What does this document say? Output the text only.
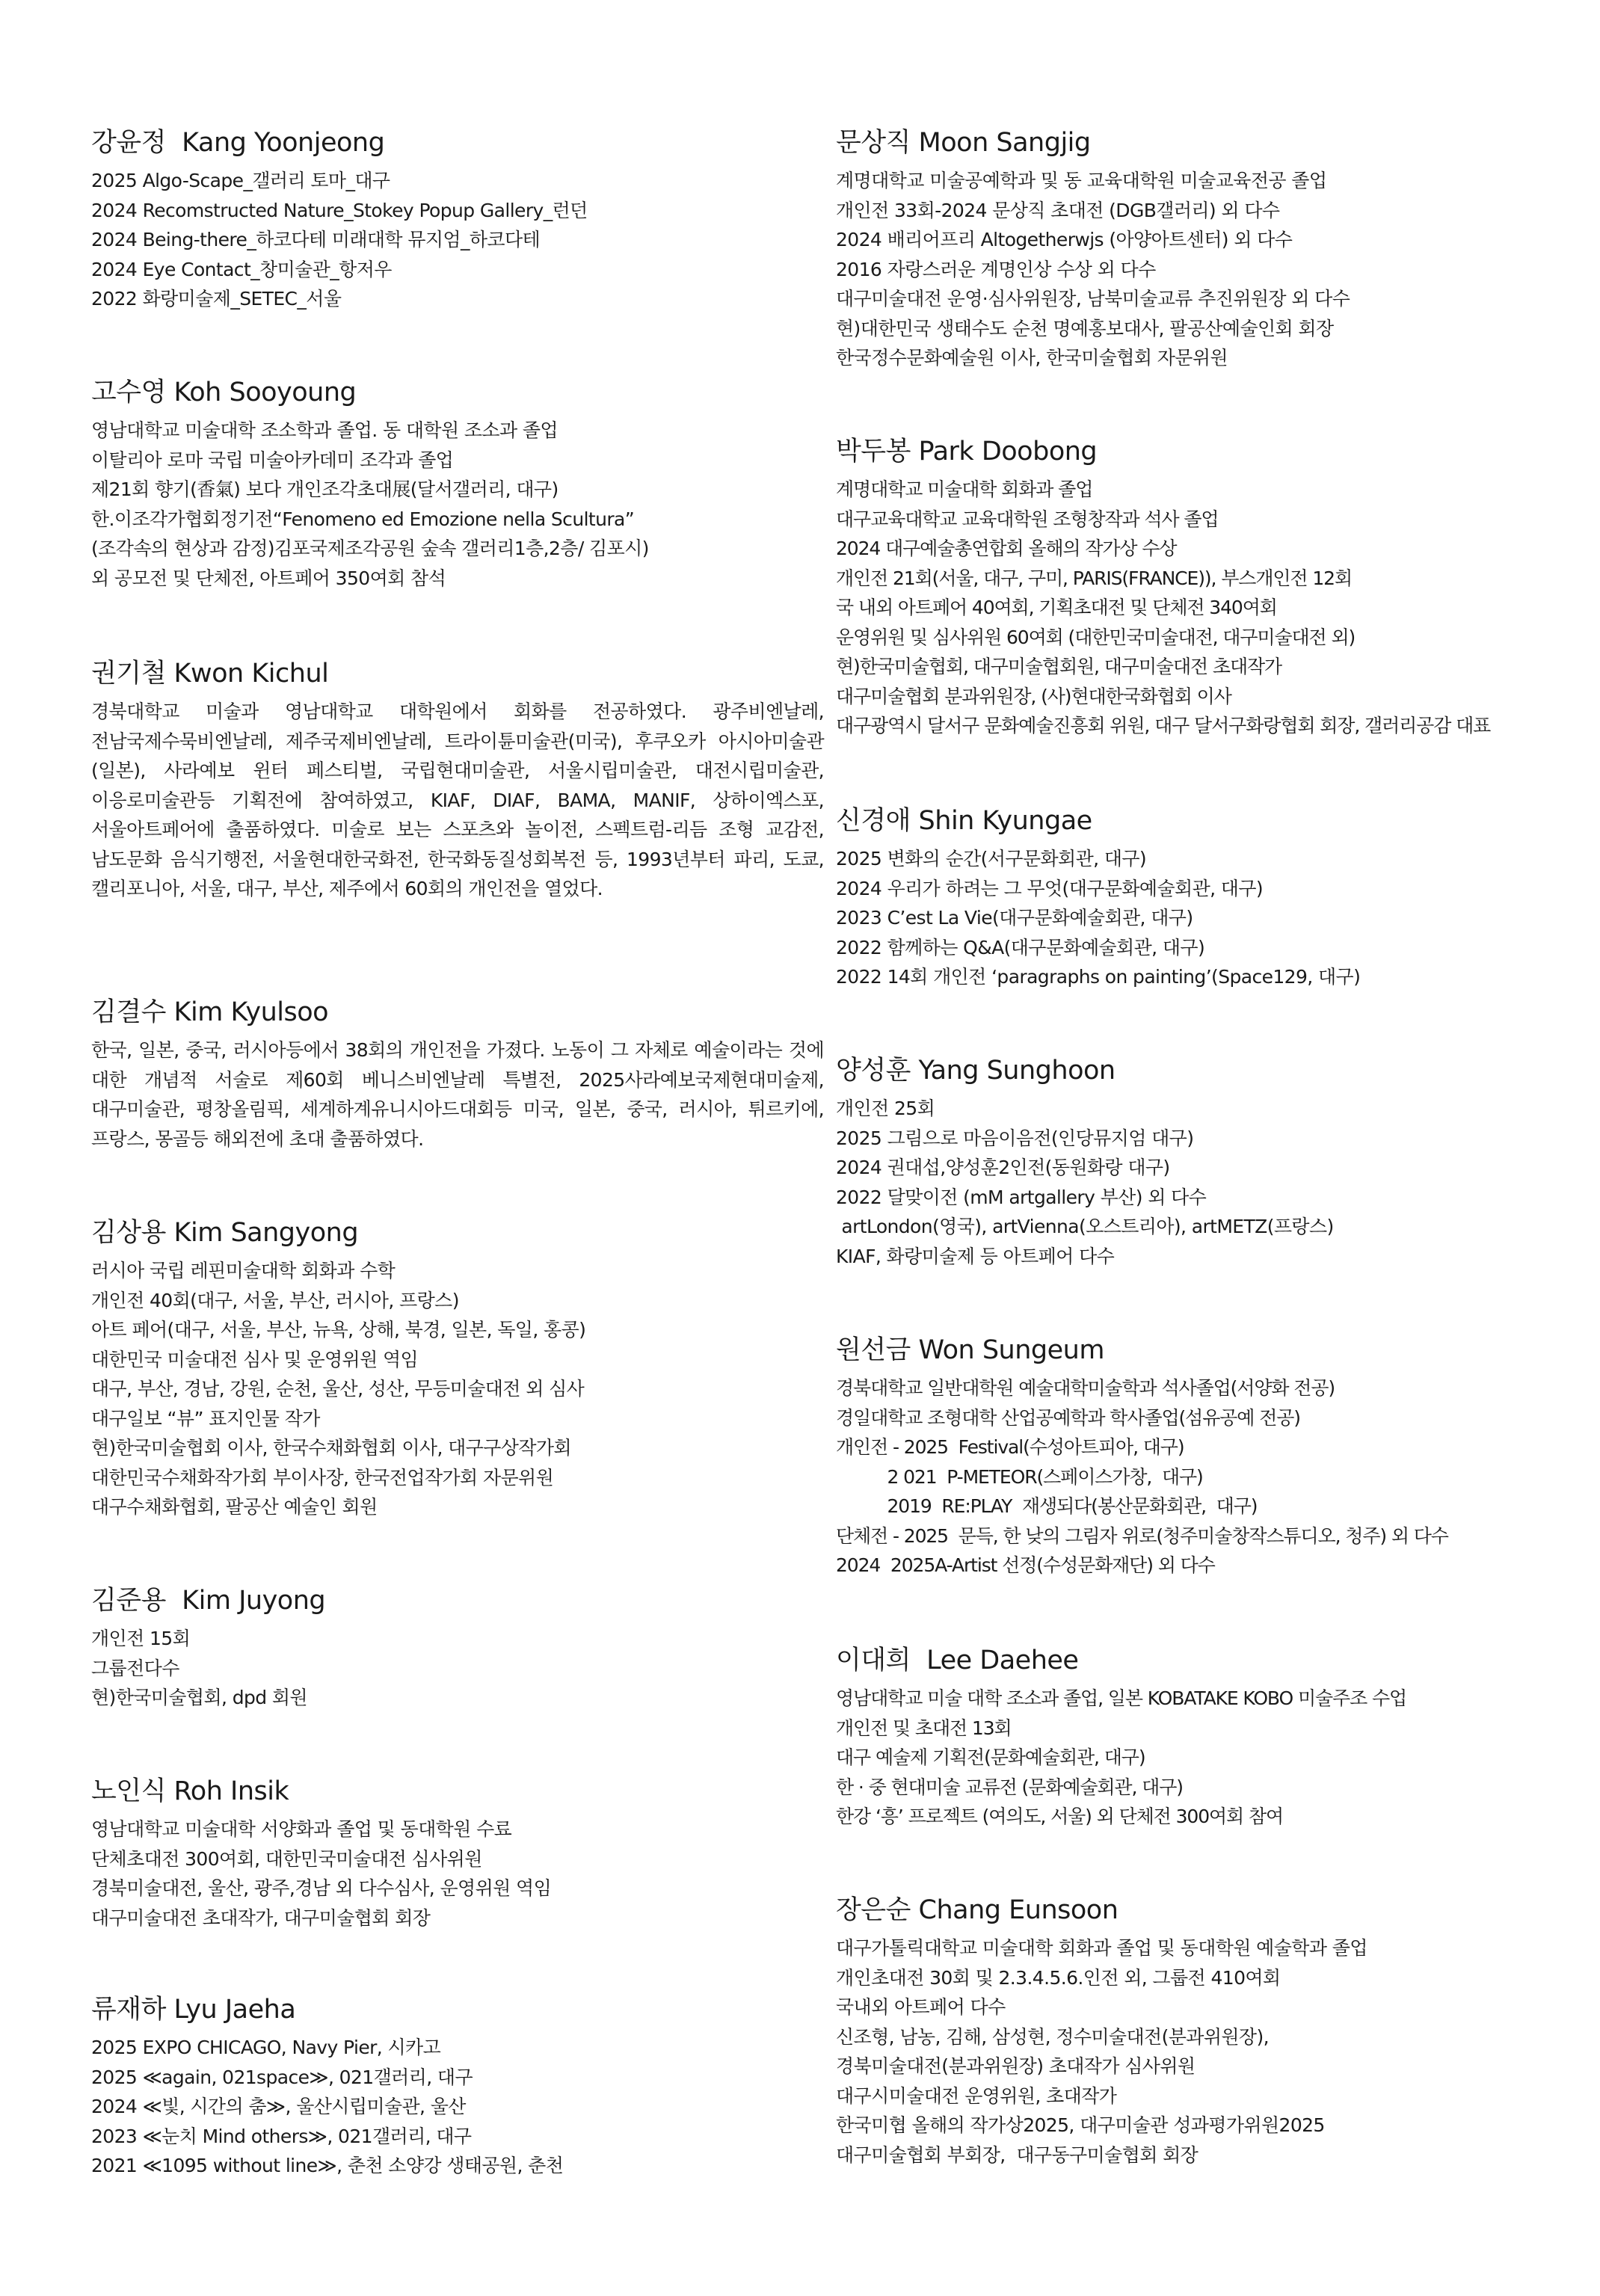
강윤정  Kang Yoonjeong
2025 Algo-Scape_갤러리 토마_대구
2024 Recomstructed Nature_Stokey Popup Gallery_런던
2024 Being-there_하코다테 미래대학 뮤지엄_하코다테
2024 Eye Contact_창미술관_항저우
2022 화랑미술제_SETEC_서울
고수영 Koh Sooyoung
영남대학교 미술대학 조소학과 졸업. 동 대학원 조소과 졸업
이탈리아 로마 국립 미술아카데미 조각과 졸업
제21회 향기(香氣) 보다 개인조각초대展(달서갤러리, 대구)
한.이조각가협회정기전“Fenomeno ed Emozione nella Scultura”
(조각속의 현상과 감정)김포국제조각공원 숲속 갤러리1층,2층/ 김포시)
외 공모전 및 단체전, 아트페어 350여회 참석
권기철 Kwon Kichul
경북대학교 미술과 영남대학교 대학원에서 회화를 전공하였다. 광주비엔날레, 전남국제수묵비엔날레, 제주국제비엔날레, 트라이튠미술관(미국), 후쿠오카 아시아미술관(일본), 사라예보 윈터 페스티벌, 국립현대미술관, 서울시립미술관, 대전시립미술관, 이응로미술관등 기획전에 참여하였고, KIAF, DIAF, BAMA, MANIF, 상하이엑스포, 서울아트페어에 출품하였다. 미술로 보는 스포츠와 놀이전, 스펙트럼-리듬 조형 교감전, 남도문화 음식기행전, 서울현대한국화전, 한국화동질성회복전 등, 1993년부터 파리, 도쿄, 캘리포니아, 서울, 대구, 부산, 제주에서 60회의 개인전을 열었다.
김결수 Kim Kyulsoo
한국, 일본, 중국, 러시아등에서 38회의 개인전을 가졌다. 노동이 그 자체로 예술이라는 것에 대한 개념적 서술로 제60회 베니스비엔날레 특별전, 2025사라예보국제현대미술제, 대구미술관, 평창올림픽, 세계하계유니시아드대회등 미국, 일본, 중국, 러시아, 튀르키에, 프랑스, 몽골등 해외전에 초대 출품하였다.
김상용 Kim Sangyong
러시아 국립 레핀미술대학 회화과 수학
개인전 40회(대구, 서울, 부산, 러시아, 프랑스)
아트 페어(대구, 서울, 부산, 뉴욕, 상해, 북경, 일본, 독일, 홍콩)
대한민국 미술대전 심사 및 운영위원 역임
대구, 부산, 경남, 강원, 순천, 울산, 성산, 무등미술대전 외 심사
대구일보 “뷰” 표지인물 작가
현)한국미술협회 이사, 한국수채화협회 이사, 대구구상작가회
대한민국수채화작가회 부이사장, 한국전업작가회 자문위원
대구수채화협회, 팔공산 예술인 회원
김준용  Kim Juyong
개인전 15회
그룹전다수
현)한국미술협회, dpd 회원
노인식 Roh Insik
영남대학교 미술대학 서양화과 졸업 및 동대학원 수료
단체초대전 300여회, 대한민국미술대전 심사위원
경북미술대전, 울산, 광주,경남 외 다수심사, 운영위원 역임
대구미술대전 초대작가, 대구미술협회 회장
류재하 Lyu Jaeha
2025 EXPO CHICAGO, Navy Pier, 시카고
2025 ≪again, 021space≫, 021갤러리, 대구
2024 ≪빛, 시간의 춤≫, 울산시립미술관, 울산
2023 ≪눈치 Mind others≫, 021갤러리, 대구
2021 ≪1095 without line≫, 춘천 소양강 생태공원, 춘천
문상직 Moon Sangjig
계명대학교 미술공예학과 및 동 교육대학원 미술교육전공 졸업
개인전 33회-2024 문상직 초대전 (DGB갤러리) 외 다수
2024 배리어프리 Altogetherwjs (아양아트센터) 외 다수
2016 자랑스러운 계명인상 수상 외 다수
대구미술대전 운영·심사위원장, 남북미술교류 추진위원장 외 다수
현)대한민국 생태수도 순천 명예홍보대사, 팔공산예술인회 회장
한국정수문화예술원 이사, 한국미술협회 자문위원
박두봉 Park Doobong
계명대학교 미술대학 회화과 졸업
대구교육대학교 교육대학원 조형창작과 석사 졸업
2024 대구예술총연합회 올해의 작가상 수상
개인전 21회(서울, 대구, 구미, PARIS(FRANCE)), 부스개인전 12회
국 내외 아트페어 40여회, 기획초대전 및 단체전 340여회
운영위원 및 심사위원 60여회 (대한민국미술대전, 대구미술대전 외)
현)한국미술협회, 대구미술협회원, 대구미술대전 초대작가
대구미술협회 분과위원장, (사)현대한국화협회 이사
대구광역시 달서구 문화예술진흥회 위원, 대구 달서구화랑협회 회장, 갤러리공감 대표
신경애 Shin Kyungae
2025 변화의 순간(서구문화회관, 대구)
2024 우리가 하려는 그 무엇(대구문화예술회관, 대구)
2023 C’est La Vie(대구문화예술회관, 대구)
2022 함께하는 Q&A(대구문화예술회관, 대구)
2022 14회 개인전 ‘paragraphs on painting’(Space129, 대구)
양성훈 Yang Sunghoon
개인전 25회
2025 그림으로 마음이음전(인당뮤지엄 대구)
2024 권대섭,양성훈2인전(동원화랑 대구)
2022 달맞이전 (mM artgallery 부산) 외 다수
artLondon(영국), artVienna(오스트리아), artMETZ(프랑스)
KIAF, 화랑미술제 등 아트페어 다수
원선금 Won Sungeum
경북대학교 일반대학원 예술대학미술학과 석사졸업(서양화 전공)
경일대학교 조형대학 산업공예학과 학사졸업(섬유공예 전공)
개인전 - 2025  Festival(수성아트피아, 대구)
2 021  P-METEOR(스페이스가창,  대구)
2019  RE:PLAY  재생되다(봉산문화회관,  대구)
단체전 - 2025  문득, 한 낮의 그림자 위로(청주미술창작스튜디오, 청주) 외 다수
2024  2025A-Artist 선정(수성문화재단) 외 다수
이대희  Lee Daehee
영남대학교 미술 대학 조소과 졸업, 일본 KOBATAKE KOBO 미술주조 수업
개인전 및 초대전 13회
대구 예술제 기획전(문화예술회관, 대구)
한 · 중 현대미술 교류전 (문화예술회관, 대구)
한강 ‘흥’ 프로젝트 (여의도, 서울) 외 단체전 300여회 참여
장은순 Chang Eunsoon
대구가톨릭대학교 미술대학 회화과 졸업 및 동대학원 예술학과 졸업
개인초대전 30회 및 2.3.4.5.6.인전 외, 그룹전 410여회
국내외 아트페어 다수
신조형, 남농, 김해, 삼성현, 정수미술대전(분과위원장),
경북미술대전(분과위원장) 초대작가 심사위원
대구시미술대전 운영위원, 초대작가
한국미협 올해의 작가상2025, 대구미술관 성과평가위원2025
대구미술협회 부회장,  대구동구미술협회 회장
